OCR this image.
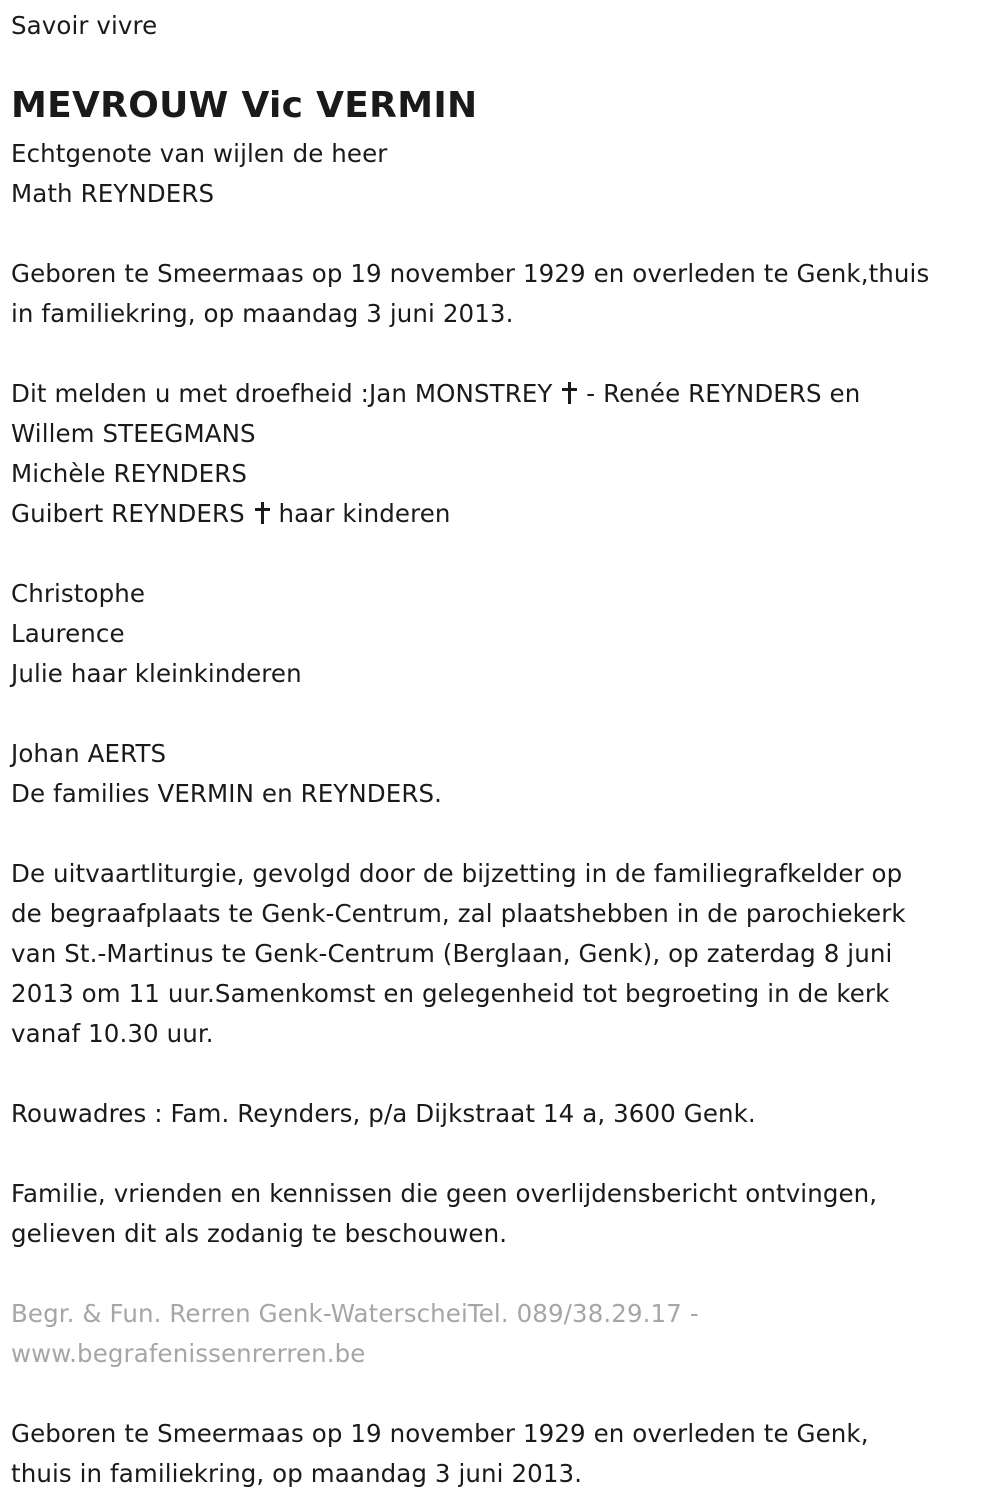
Savoir vivre
MEVROUW Vic VERMIN
Echtgenote van wijlen de heer
Math REYNDERS
Geboren te Smeermaas op 19 november 1929 en overleden te Genk,thuis
in familiekring, op maandag 3 juni 2013.
Dit melden u met droefheid :Jan MONSTREY - Renée REYNDERS en
Willem STEEGMANS
Michèle REYNDERS
Guibert REYNDERS haar kinderen
Christophe
Laurence
Julie haar kleinkinderen
Johan AERTS
De families VERMIN en REYNDERS.
De uitvaartliturgie, gevolgd door de bijzetting in de familiegrafkelder op
de begraafplaats te Genk-Centrum, zal plaatshebben in de parochiekerk
van St.-Martinus te Genk-Centrum (Berglaan, Genk), op zaterdag 8 juni
2013 om 11 uur.Samenkomst en gelegenheid tot begroeting in de kerk
vanaf 10.30 uur.
Rouwadres : Fam. Reynders, p/a Dijkstraat 14 a, 3600 Genk.
Familie, vrienden en kennissen die geen overlijdensbericht ontvingen,
gelieven dit als zodanig te beschouwen.
Begr. & Fun. Rerren Genk-WaterscheiTel. 089/38.29.17 -
www.begrafenissenrerren.be
Geboren te Smeermaas op 19 november 1929 en overleden te Genk,
thuis in familiekring, op maandag 3 juni 2013.
